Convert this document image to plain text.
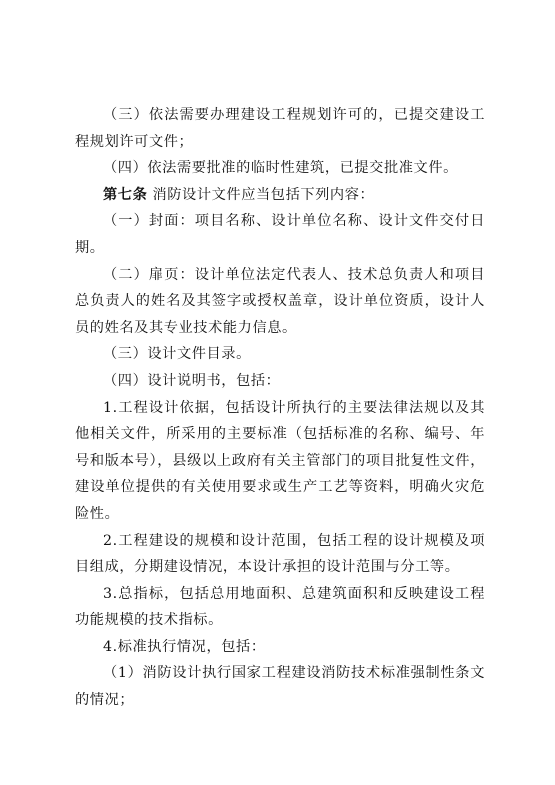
（三）依法需要办理建设工程规划许可的，已提交建设工程规划许可文件；

（四）依法需要批准的临时性建筑，已提交批准文件。

第七条 消防设计文件应当包括下列内容：

（一）封面：项目名称、设计单位名称、设计文件交付日期。

（二）扉页：设计单位法定代表人、技术总负责人和项目总负责人的姓名及其签字或授权盖章，设计单位资质，设计人员的姓名及其专业技术能力信息。

（三）设计文件目录。

（四）设计说明书，包括：

1.工程设计依据，包括设计所执行的主要法律法规以及其他相关文件，所采用的主要标准（包括标准的名称、编号、年号和版本号），县级以上政府有关主管部门的项目批复性文件，建设单位提供的有关使用要求或生产工艺等资料，明确火灾危险性。

2.工程建设的规模和设计范围，包括工程的设计规模及项目组成，分期建设情况，本设计承担的设计范围与分工等。

3.总指标，包括总用地面积、总建筑面积和反映建设工程功能规模的技术指标。

4.标准执行情况，包括：

（1）消防设计执行国家工程建设消防技术标准强制性条文的情况；
